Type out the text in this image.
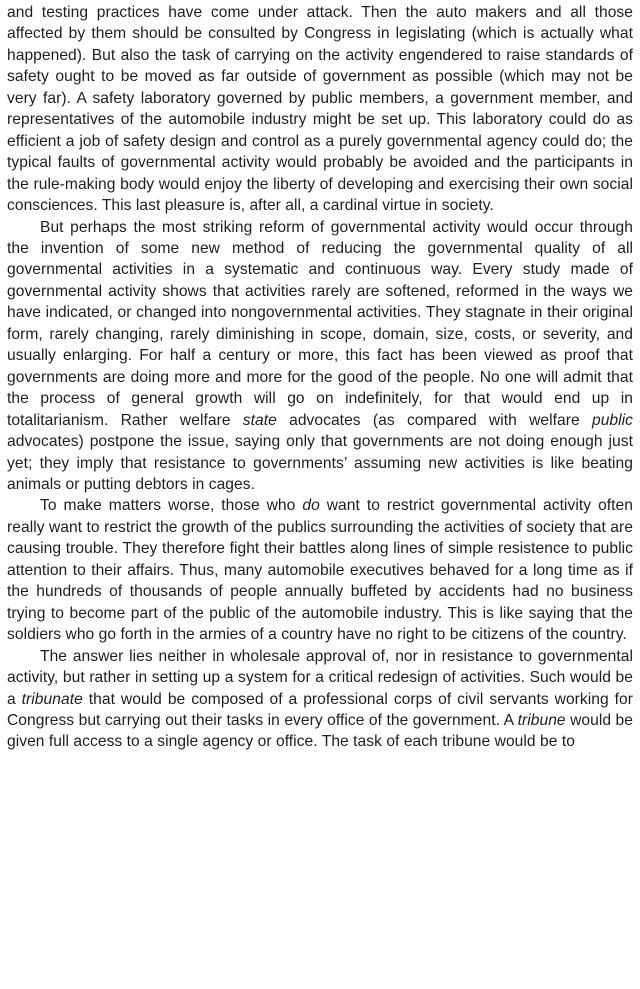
and testing practices have come under attack. Then the auto makers and all those affected by them should be consulted by Congress in legislating (which is actually what happened). But also the task of carrying on the activity engendered to raise standards of safety ought to be moved as far outside of government as possible (which may not be very far). A safety laboratory governed by public members, a government member, and representatives of the automobile industry might be set up. This laboratory could do as efficient a job of safety design and control as a purely governmental agency could do; the typical faults of governmental activity would probably be avoided and the participants in the rule-making body would enjoy the liberty of developing and exercising their own social consciences. This last pleasure is, after all, a cardinal virtue in society.

But perhaps the most striking reform of governmental activity would occur through the invention of some new method of reducing the governmental quality of all governmental activities in a systematic and continuous way. Every study made of governmental activity shows that activities rarely are softened, reformed in the ways we have indicated, or changed into nongovernmental activities. They stagnate in their original form, rarely changing, rarely diminishing in scope, domain, size, costs, or severity, and usually enlarging. For half a century or more, this fact has been viewed as proof that governments are doing more and more for the good of the people. No one will admit that the process of general growth will go on indefinitely, for that would end up in totalitarianism. Rather welfare state advocates (as compared with welfare public advocates) postpone the issue, saying only that governments are not doing enough just yet; they imply that resistance to governments’ assuming new activities is like beating animals or putting debtors in cages.

To make matters worse, those who do want to restrict governmental activity often really want to restrict the growth of the publics surrounding the activities of society that are causing trouble. They therefore fight their battles along lines of simple resistence to public attention to their affairs. Thus, many automobile executives behaved for a long time as if the hundreds of thousands of people annually buffeted by accidents had no business trying to become part of the public of the automobile industry. This is like saying that the soldiers who go forth in the armies of a country have no right to be citizens of the country.

The answer lies neither in wholesale approval of, nor in resistance to governmental activity, but rather in setting up a system for a critical redesign of activities. Such would be a tribunate that would be composed of a professional corps of civil servants working for Congress but carrying out their tasks in every office of the government. A tribune would be given full access to a single agency or office. The task of each tribune would be to
